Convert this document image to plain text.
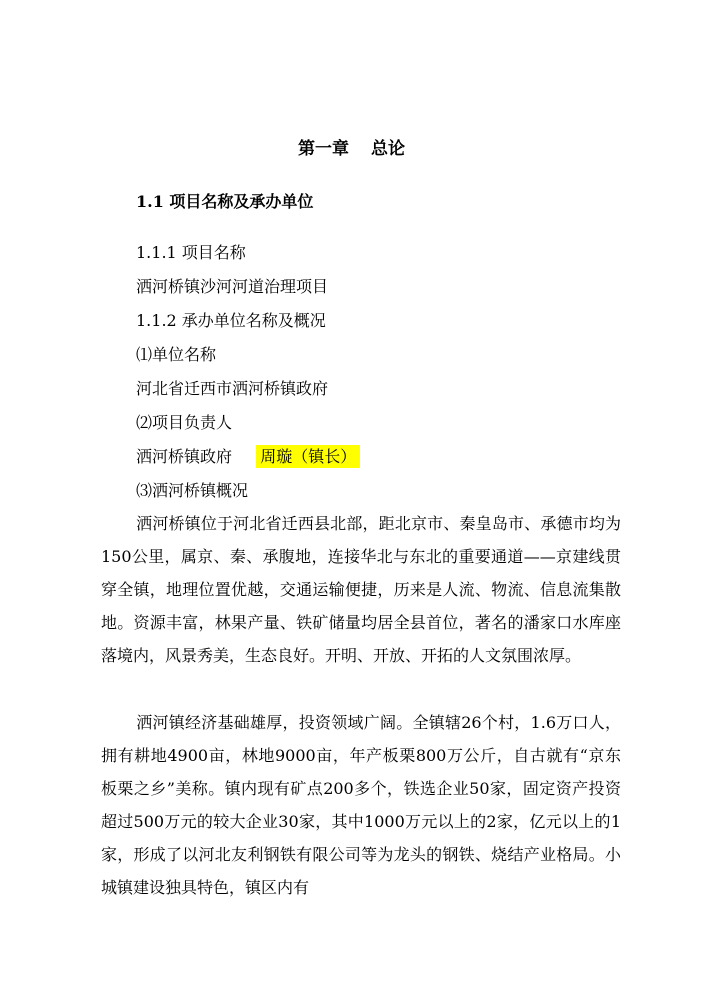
第一章 总论
1.1 项目名称及承办单位
1.1.1 项目名称
洒河桥镇沙河河道治理项目
1.1.2 承办单位名称及概况
⑴单位名称
河北省迁西市洒河桥镇政府
⑵项目负责人
洒河桥镇政府 周璇（镇长）
⑶洒河桥镇概况
洒河桥镇位于河北省迁西县北部，距北京市、秦皇岛市、承德市均为150公里，属京、秦、承腹地，连接华北与东北的重要通道——京建线贯穿全镇，地理位置优越，交通运输便捷，历来是人流、物流、信息流集散地。资源丰富，林果产量、铁矿储量均居全县首位，著名的潘家口水库座落境内，风景秀美，生态良好。开明、开放、开拓的人文氛围浓厚。
洒河镇经济基础雄厚，投资领域广阔。全镇辖26个村，1.6万口人，拥有耕地4900亩，林地9000亩，年产板栗800万公斤，自古就有“京东板栗之乡”美称。镇内现有矿点200多个，铁选企业50家，固定资产投资超过500万元的较大企业30家，其中1000万元以上的2家，亿元以上的1家，形成了以河北友利钢铁有限公司等为龙头的钢铁、烧结产业格局。小城镇建设独具特色，镇区内有
